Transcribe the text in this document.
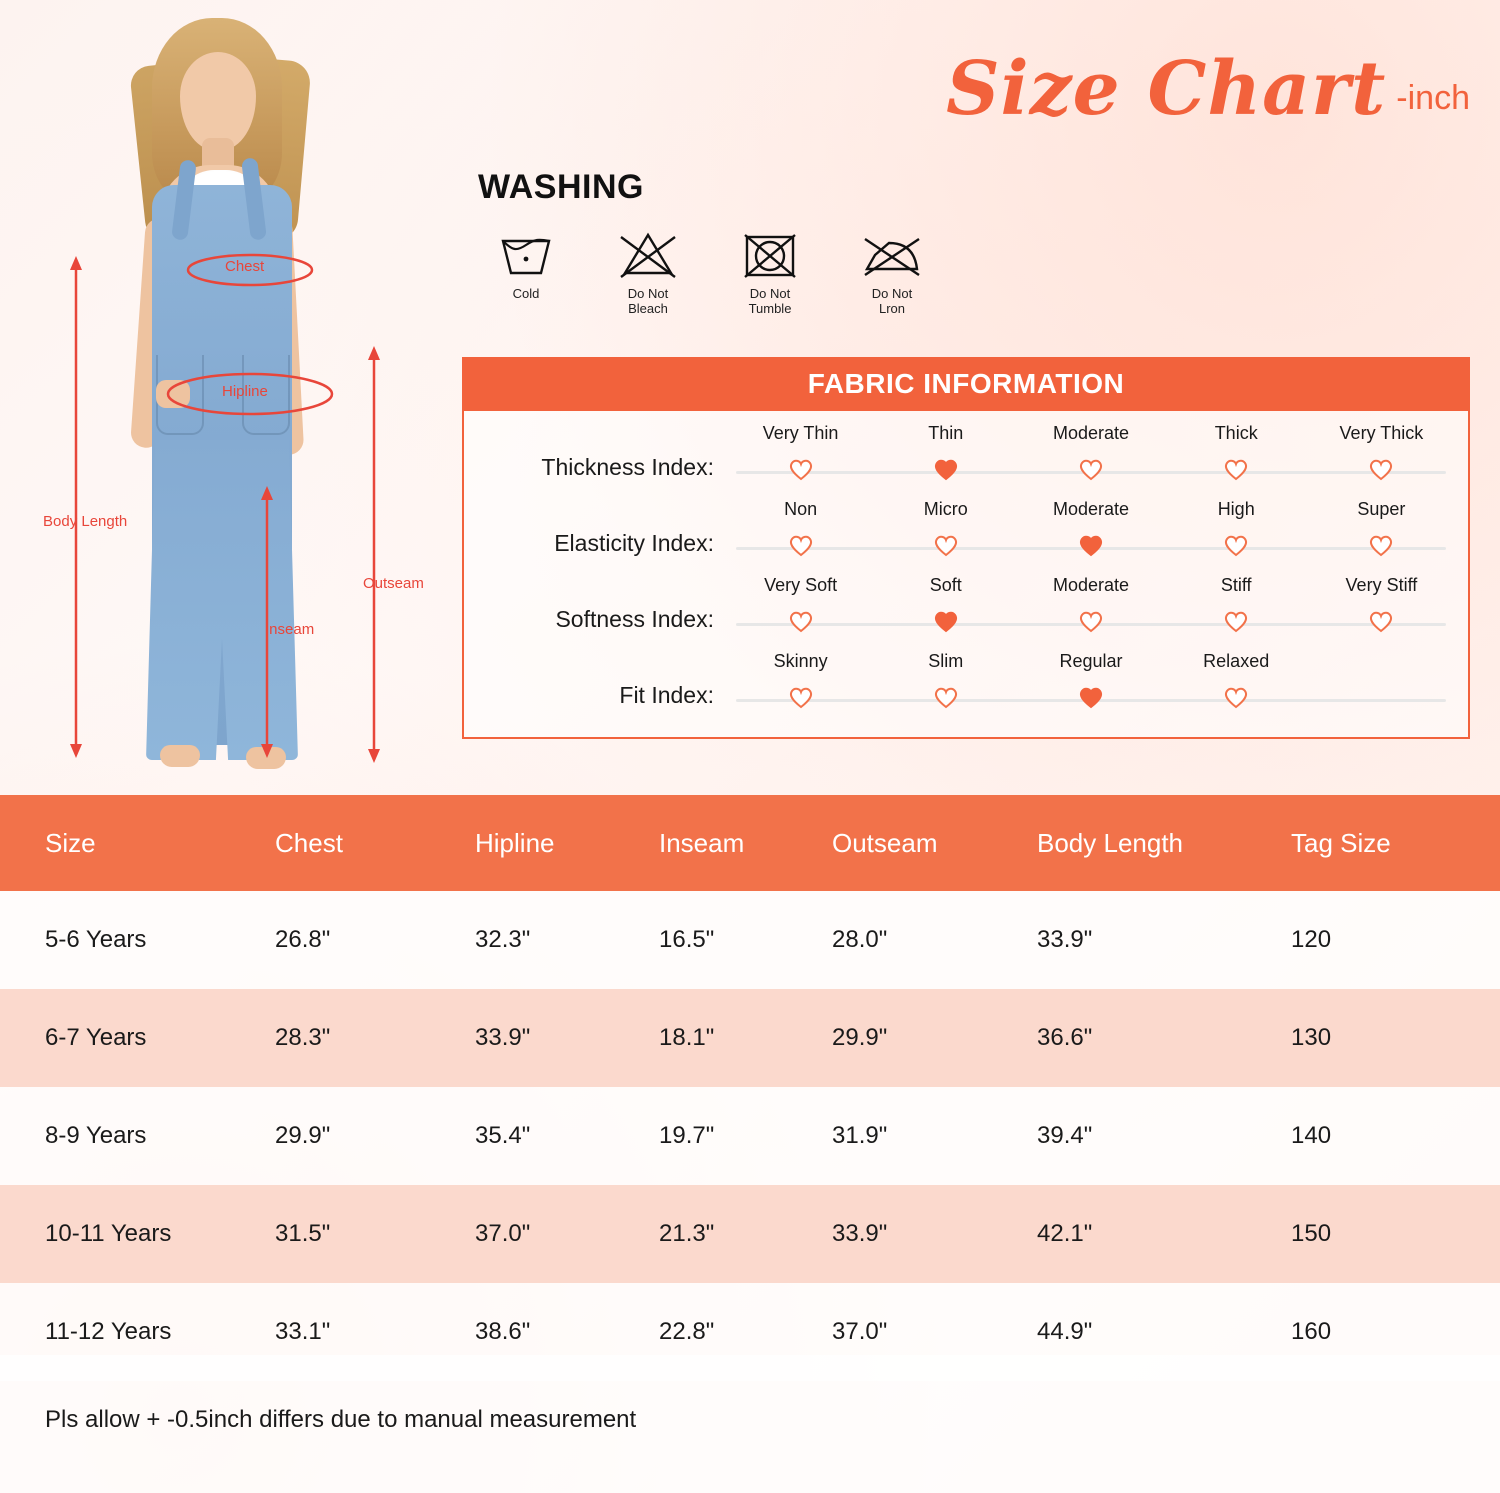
Chest
Hipline
Body Length
Inseam
Outseam
Size Chart -inch
WASHING
Cold	Do Not
Bleach
Do Not
Tumble
Do Not
Lron
FABRIC INFORMATION
Thickness Index:
Very Thin	Thin	Moderate	Thick	Very Thick
Elasticity Index:
Non	Micro	Moderate	High	Super
Softness Index:
Very Soft	Soft	Moderate	Stiff	Very Stiff
Fit Index:
Skinny	Slim	Regular	Relaxed
Size	Chest	Hipline	Inseam	Outseam	Body Length	Tag Size
5-6 Years	26.8"	32.3"	16.5"	28.0"	33.9"	120
6-7 Years	28.3"	33.9"	18.1"	29.9"	36.6"	130
8-9 Years	29.9"	35.4"	19.7"	31.9"	39.4"	140
10-11 Years	31.5"	37.0"	21.3"	33.9"	42.1"	150
11-12 Years	33.1"	38.6"	22.8"	37.0"	44.9"	160
Pls allow + -0.5inch differs due to manual measurement
